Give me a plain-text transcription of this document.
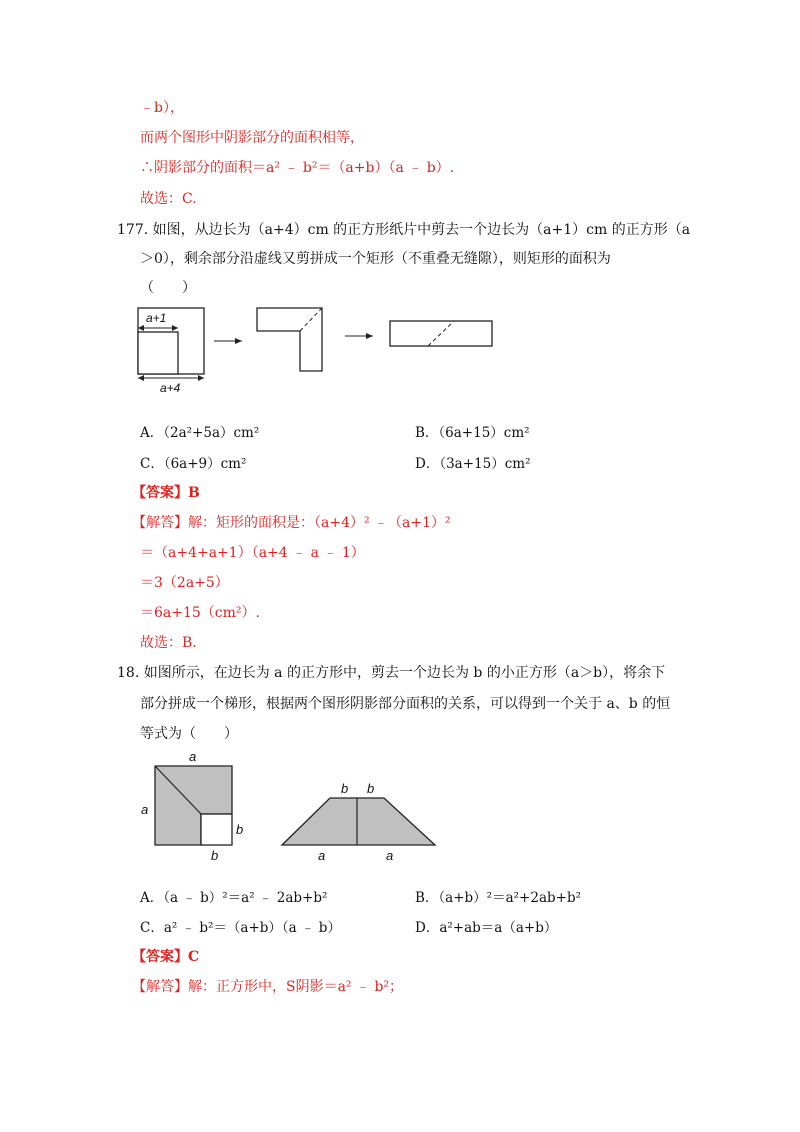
﹣b），
而两个图形中阴影部分的面积相等，
∴阴影部分的面积＝a² ﹣ b²＝（a+b）（a ﹣ b）.
故选：C.
177. 如图，从边长为（a+4）cm 的正方形纸片中剪去一个边长为（a+1）cm 的正方形（a
＞0），剩余部分沿虚线又剪拼成一个矩形（不重叠无缝隙），则矩形的面积为
（　　）
a+1
a+4
A．（2a²+5a）cm²	B．（6a+15）cm²
C．（6a+9）cm²	D．（3a+15）cm²
【答案】B
【解答】解：矩形的面积是：（a+4）² ﹣（a+1）²
＝（a+4+a+1）（a+4 ﹣ a ﹣ 1）
＝3（2a+5）
＝6a+15（cm²）.
故选：B.
18. 如图所示，在边长为 a 的正方形中，剪去一个边长为 b 的小正方形（a＞b），将余下
部分拼成一个梯形，根据两个图形阴影部分面积的关系，可以得到一个关于 a、b 的恒
等式为（　　）
a
a
b
b
b b
a	a
A．（a ﹣ b）²＝a² ﹣ 2ab+b²	B．（a+b）²＝a²+2ab+b²
C．a² ﹣ b²＝（a+b）（a ﹣ b）	D．a²+ab＝a（a+b）
【答案】C
【解答】解：正方形中，S阴影＝a² ﹣ b²；
